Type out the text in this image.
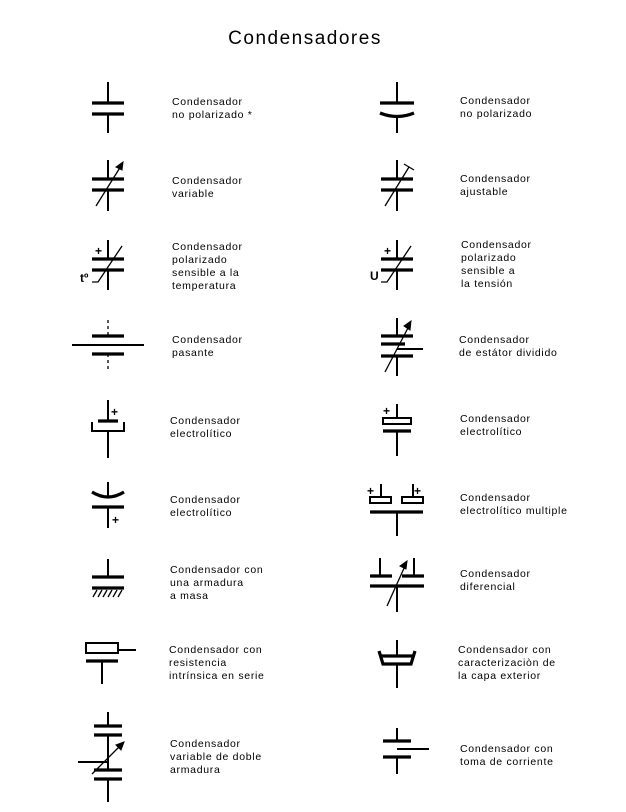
Condensadores
Condensador
no polarizado *
Condensador
no polarizado
Condensador
variable
Condensador
ajustable
+
tº
Condensador
polarizado
sensible a la
temperatura
+
U
Condensador
polarizado
sensible a
la tensión
Condensador
pasante
Condensador
de estátor dividido
+
Condensador
electrolítico
+
Condensador
electrolítico
+
Condensador
electrolítico
+	+	Condensador
electrolítico multiple
Condensador con
una armadura
a masa
Condensador
diferencial
Condensador con
resistencia
intrínsica en serie
Condensador con
caracterizaciòn de
la capa exterior
Condensador
variable de doble
armadura
Condensador con
toma de corriente
